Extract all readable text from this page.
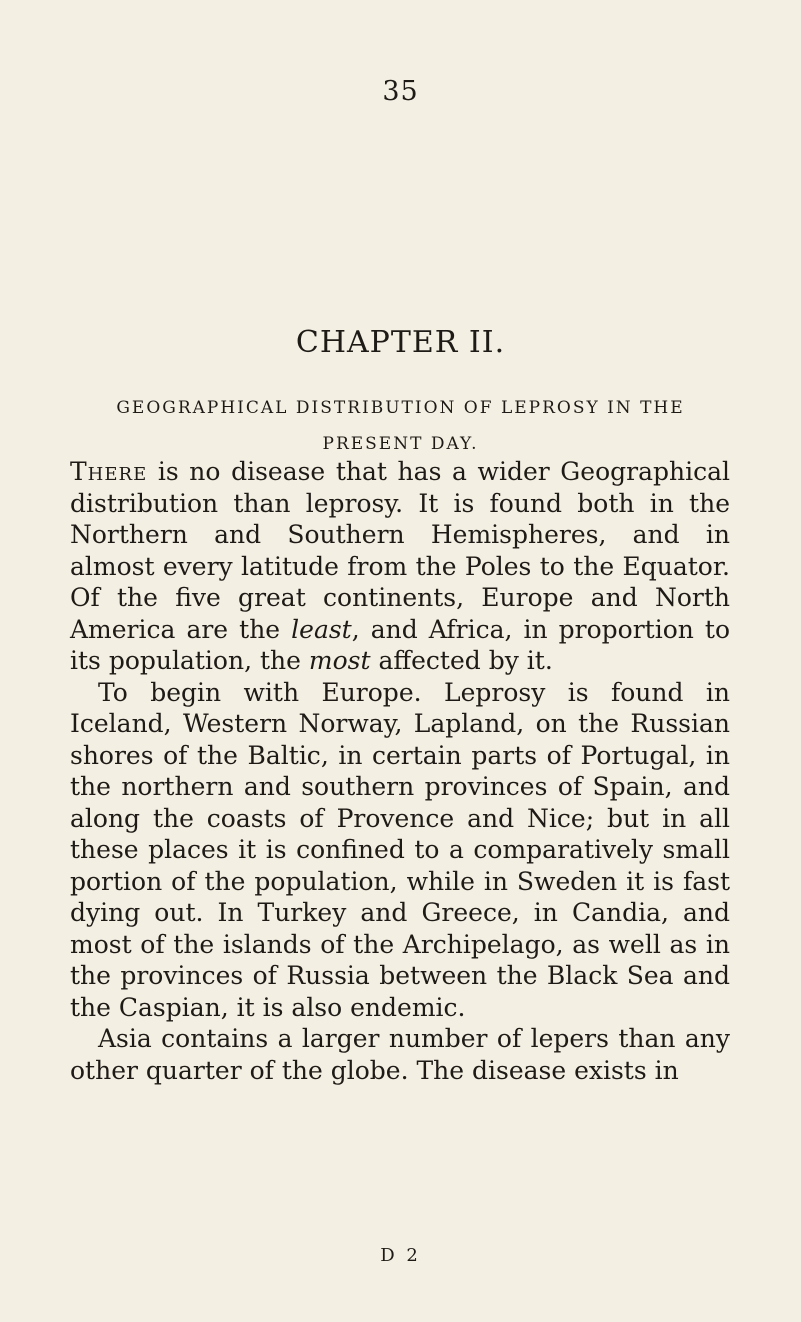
35
CHAPTER II.
GEOGRAPHICAL DISTRIBUTION OF LEPROSY IN THE PRESENT DAY.

There is no disease that has a wider Geographical distribution than leprosy. It is found both in the Northern and Southern Hemispheres, and in almost every latitude from the Poles to the Equator. Of the five great continents, Europe and North America are the least, and Africa, in proportion to its population, the most affected by it.

To begin with Europe. Leprosy is found in Iceland, Western Norway, Lapland, on the Russian shores of the Baltic, in certain parts of Portugal, in the northern and southern provinces of Spain, and along the coasts of Provence and Nice; but in all these places it is confined to a comparatively small portion of the population, while in Sweden it is fast dying out. In Turkey and Greece, in Candia, and most of the islands of the Archipelago, as well as in the provinces of Russia between the Black Sea and the Caspian, it is also endemic.

Asia contains a larger number of lepers than any other quarter of the globe. The disease exists in

D 2
